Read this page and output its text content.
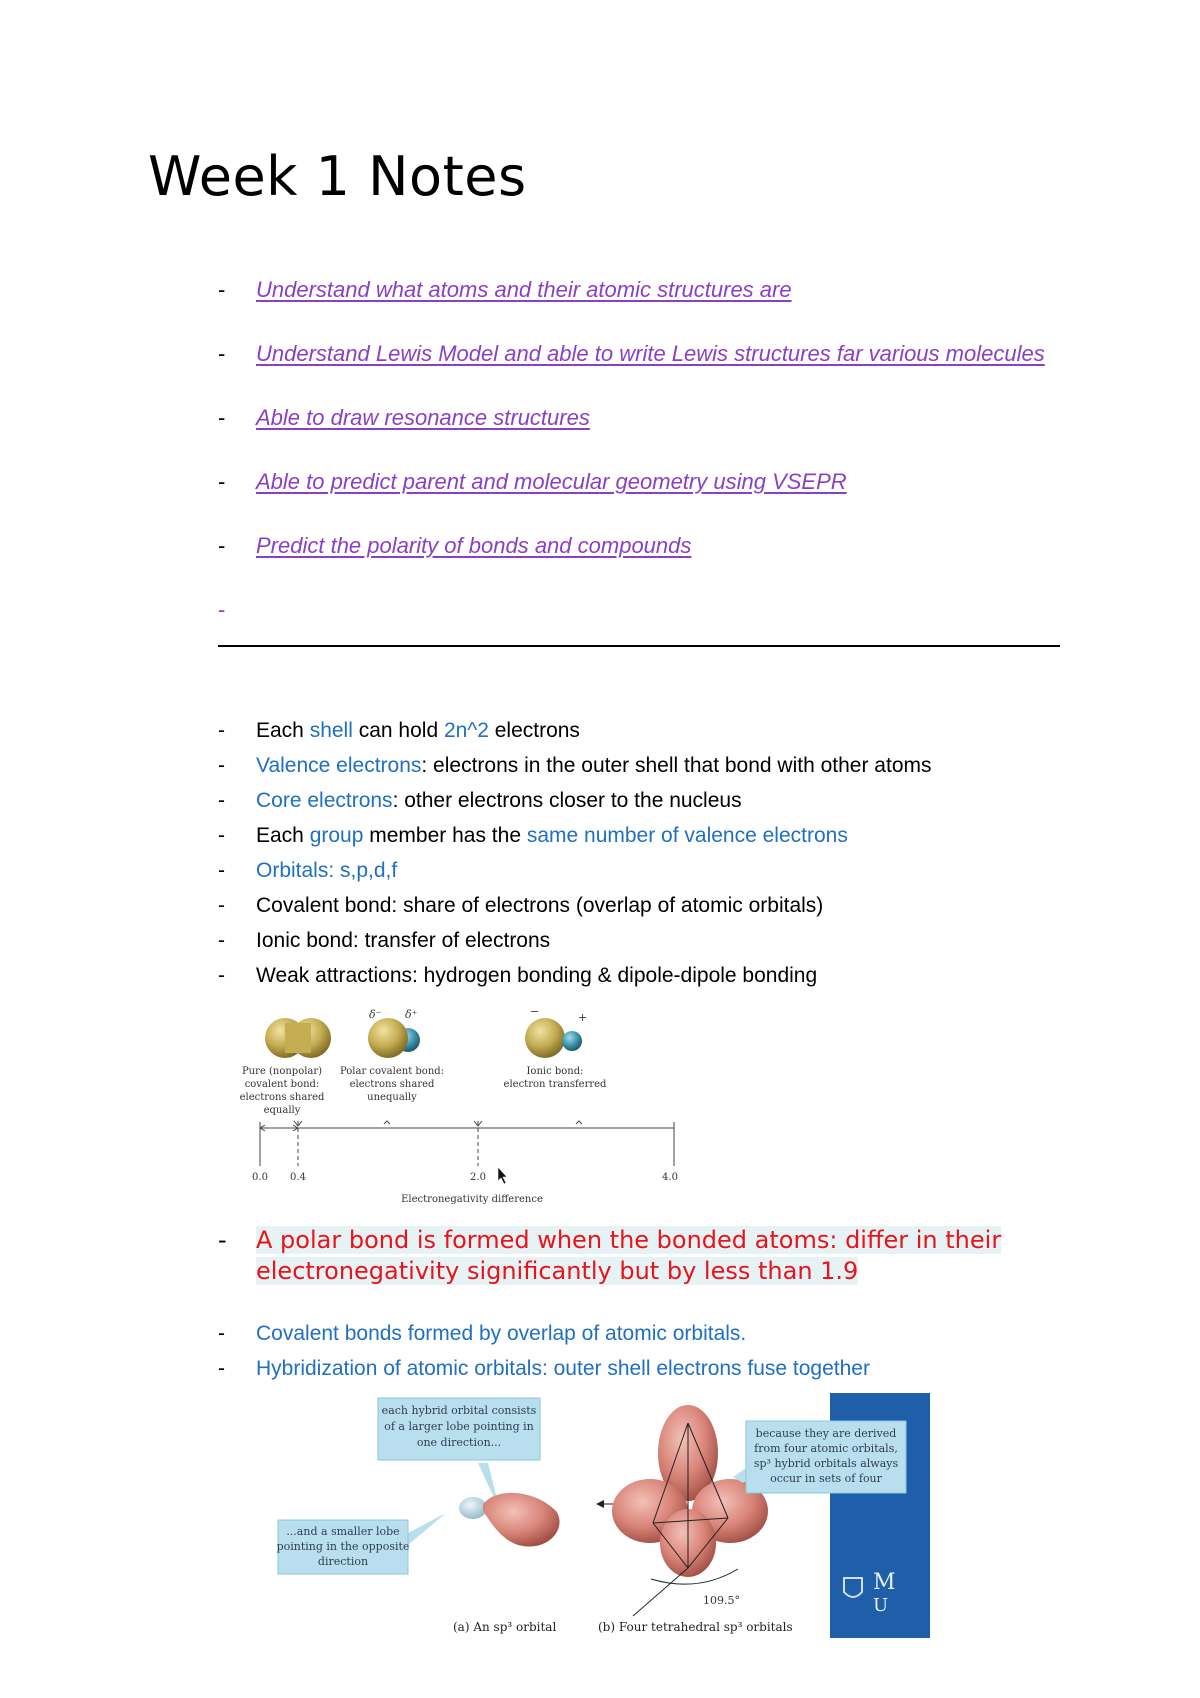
Week 1 Notes
- Understand what atoms and their atomic structures are
- Understand Lewis Model and able to write Lewis structures far various molecules
- Able to draw resonance structures
- Able to predict parent and molecular geometry using VSEPR
- Predict the polarity of bonds and compounds
-
- Each shell can hold 2n^2 electrons
- Valence electrons: electrons in the outer shell that bond with other atoms
- Core electrons: other electrons closer to the nucleus
- Each group member has the same number of valence electrons
- Orbitals: s,p,d,f
- Covalent bond: share of electrons (overlap of atomic orbitals)
- Ionic bond: transfer of electrons
- Weak attractions: hydrogen bonding & dipole-dipole bonding
δ⁻ δ⁺	−	+
Pure (nonpolar)
covalent bond:
electrons shared
equally
Polar covalent bond:
electrons shared
unequally
Ionic bond:
electron transferred
0.0 0.4	2.0	4.0
Electronegativity difference
- A polar bond is formed when the bonded atoms: differ in their electronegativity significantly but by less than 1.9
- Covalent bonds formed by overlap of atomic orbitals.
- Hybridization of atomic orbitals: outer shell electrons fuse together
M
U
each hybrid orbital consists
of a larger lobe pointing in
one direction...
...and a smaller lobe
pointing in the opposite
direction
109.5°
because they are derived
from four atomic orbitals,
sp³ hybrid orbitals always
occur in sets of four
(a) An sp³ orbital	(b) Four tetrahedral sp³ orbitals
